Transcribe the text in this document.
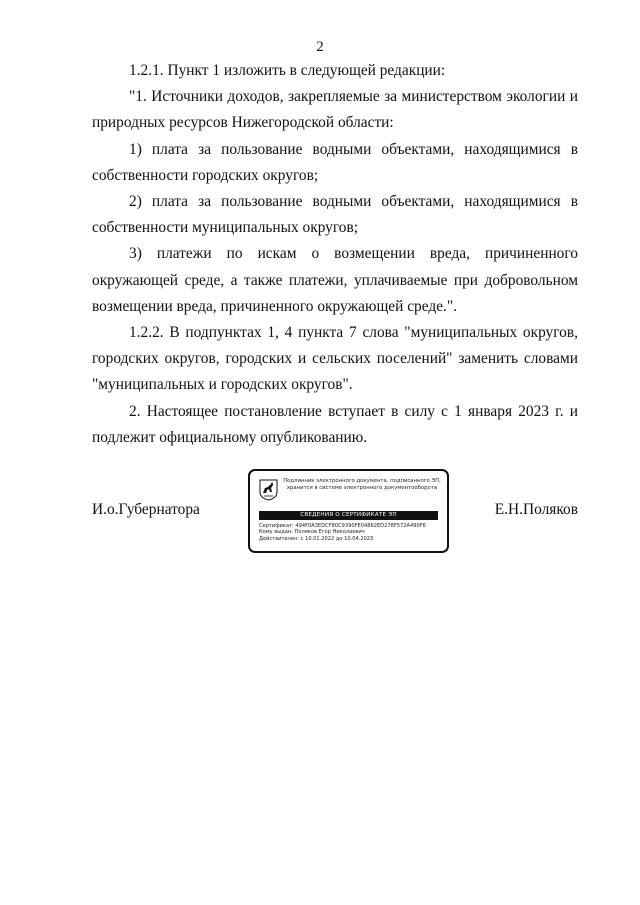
2

1.2.1. Пункт 1 изложить в следующей редакции:

"1. Источники доходов, закрепляемые за министерством экологии и природных ресурсов Нижегородской области:

1) плата за пользование водными объектами, находящимися в собственности городских округов;

2) плата за пользование водными объектами, находящимися в собственности муниципальных округов;

3) платежи по искам о возмещении вреда, причиненного окружающей среде, а также платежи, уплачиваемые при добровольном возмещении вреда, причиненного окружающей среде.".

1.2.2. В подпунктах 1, 4 пункта 7 слова "муниципальных округов, городских округов, городских и сельских поселений" заменить словами "муниципальных и городских округов".

2. Настоящее постановление вступает в силу с 1 января 2023 г. и подлежит официальному опубликованию.

И.о.Губернатора
Подлинник электронного документа, подписанного ЭП,
хранится в системе электронного документооборота
СВЕДЕНИЯ О СЕРТИФИКАТЕ ЭП
Сертификат: 494F0A3EDCF80C9390FE04862ED278F572A490F6
Кому выдан: Поляков Егор Николаевич
Действителен: с 10.01.2022 до 10.04.2023
Е.Н.Поляков
